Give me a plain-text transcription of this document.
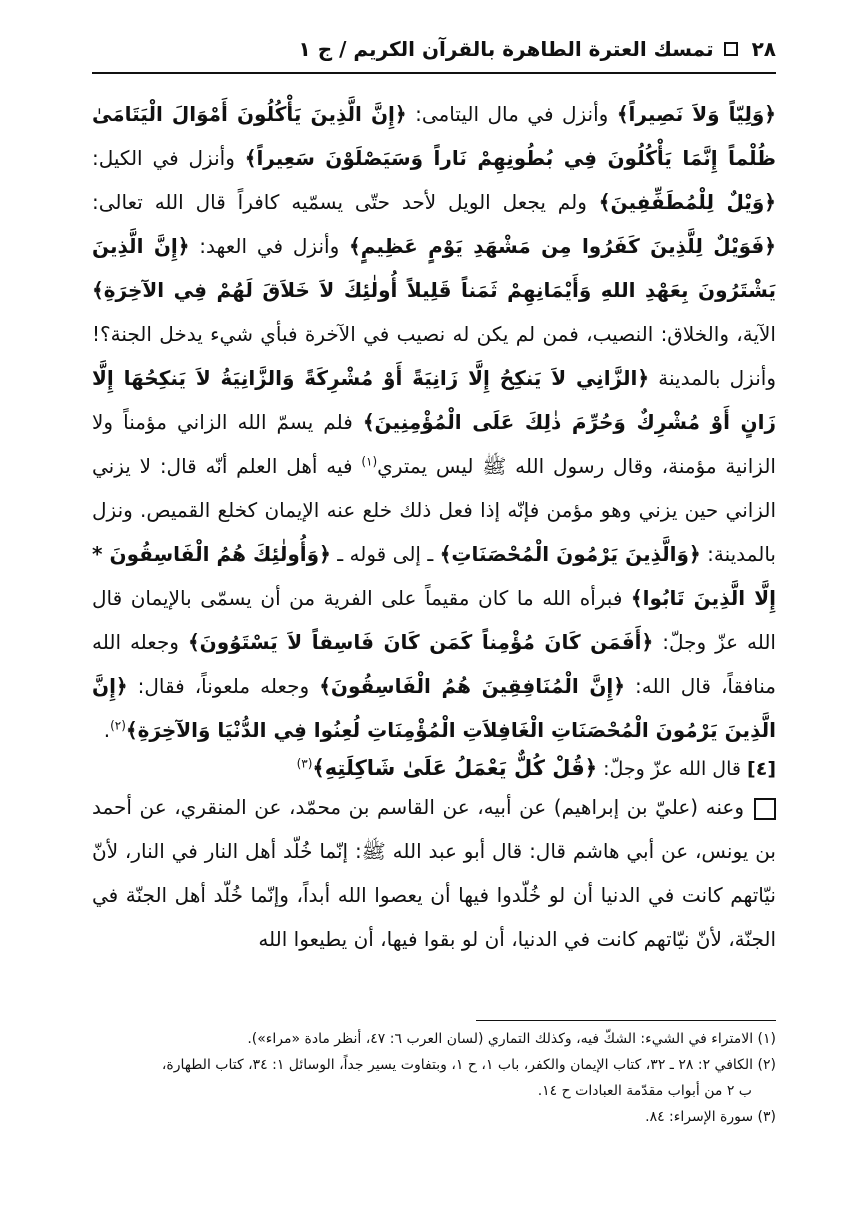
٢٨
تمسك العترة الطاهرة بالقرآن الكريم / ج ١

﴿وَلِيّاً وَلاَ نَصِيراً﴾ وأنزل في مال اليتامى: ﴿إِنَّ الَّذِينَ يَأْكُلُونَ أَمْوَالَ الْيَتَامَىٰ ظُلْماً إِنَّمَا يَأْكُلُونَ فِي بُطُونِهِمْ نَاراً وَسَيَصْلَوْنَ سَعِيراً﴾ وأنزل في الكيل: ﴿وَيْلٌ لِلْمُطَفِّفِينَ﴾ ولم يجعل الويل لأحد حتّى يسمّيه كافراً قال الله تعالى: ﴿فَوَيْلٌ لِلَّذِينَ كَفَرُوا مِن مَشْهَدِ يَوْمٍ عَظِيمٍ﴾ وأنزل في العهد: ﴿إِنَّ الَّذِينَ يَشْتَرُونَ بِعَهْدِ اللهِ وَأَيْمَانِهِمْ ثَمَناً قَلِيلاً أُولٰئِكَ لاَ خَلاَقَ لَهُمْ فِي الآخِرَةِ﴾ الآية، والخلاق: النصيب، فمن لم يكن له نصيب في الآخرة فبأي شيء يدخل الجنة؟! وأنزل بالمدينة ﴿الزَّانِي لاَ يَنكِحُ إِلَّا زَانِيَةً أَوْ مُشْرِكَةً وَالزَّانِيَةُ لاَ يَنكِحُهَا إِلَّا زَانٍ أَوْ مُشْرِكٌ وَحُرِّمَ ذٰلِكَ عَلَى الْمُؤْمِنِينَ﴾ فلم يسمّ الله الزاني مؤمناً ولا الزانية مؤمنة، وقال رسول الله ﷺ ليس يمتري$^{(١)}$ فيه أهل العلم أنّه قال: لا يزني الزاني حين يزني وهو مؤمن فإنّه إذا فعل ذلك خلع عنه الإيمان كخلع القميص. ونزل بالمدينة: ﴿وَالَّذِينَ يَرْمُونَ الْمُحْصَنَاتِ﴾ ـ إلى قوله ـ ﴿وَأُولٰئِكَ هُمُ الْفَاسِقُونَ * إِلَّا الَّذِينَ تَابُوا﴾ فبرأه الله ما كان مقيماً على الفرية من أن يسمّى بالإيمان قال الله عزّ وجلّ: ﴿أَفَمَن كَانَ مُؤْمِناً كَمَن كَانَ فَاسِقاً لاَ يَسْتَوُونَ﴾ وجعله الله منافقاً، قال الله: ﴿إِنَّ الْمُنَافِقِينَ هُمُ الْفَاسِقُونَ﴾ وجعله ملعوناً، فقال: ﴿إِنَّ الَّذِينَ يَرْمُونَ الْمُحْصَنَاتِ الْغَافِلاَتِ الْمُؤْمِنَاتِ لُعِنُوا فِي الدُّنْيَا وَالآخِرَةِ﴾$^{(٢)}$.

[٤] قال الله عزّ وجلّ: ﴿قُلْ كُلٌّ يَعْمَلُ عَلَىٰ شَاكِلَتِهِ﴾$^{(٣)}$

وعنه (عليّ بن إبراهيم) عن أبيه، عن القاسم بن محمّد، عن المنقري، عن أحمد بن يونس، عن أبي هاشم قال: قال أبو عبد الله ﷺ: إنّما خُلّد أهل النار في النار، لأنّ نيّاتهم كانت في الدنيا أن لو خُلّدوا فيها أن يعصوا الله أبداً، وإنّما خُلّد أهل الجنّة في الجنّة، لأنّ نيّاتهم كانت في الدنيا، أن لو بقوا فيها، أن يطيعوا الله

(١) الامتراء في الشيء: الشكّ فيه، وكذلك التماري (لسان العرب ٦: ٤٧، أنظر مادة «مراء»).

(٢) الكافي ٢: ٢٨ ـ ٣٢، كتاب الإيمان والكفر، باب ١، ح ١، وبتفاوت يسير جداً، الوسائل ١: ٣٤، كتاب الطهارة،

ب ٢ من أبواب مقدّمة العبادات ح ١٤.

(٣) سورة الإسراء: ٨٤.
